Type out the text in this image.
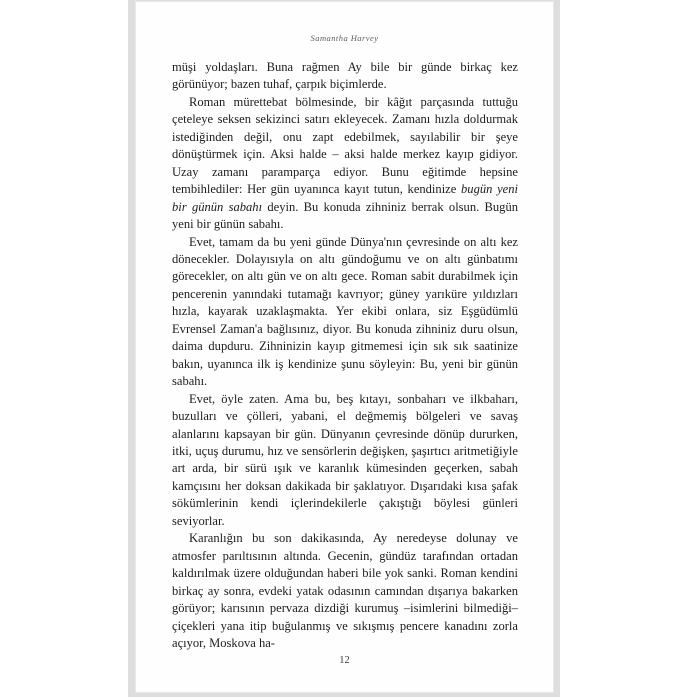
Samantha Harvey

müşi yoldaşları. Buna rağmen Ay bile bir günde birkaç kez görünüyor; bazen tuhaf, çarpık biçimlerde.

Roman mürettebat bölmesinde, bir kâğıt parçasında tuttuğu çeteleye seksen sekizinci satırı ekleyecek. Zamanı hızla doldurmak istediğinden değil, onu zapt edebilmek, sayılabilir bir şeye dönüştürmek için. Aksi halde – aksi halde merkez kayıp gidiyor. Uzay zamanı paramparça ediyor. Bunu eğitimde hepsine tembihlediler: Her gün uyanınca kayıt tutun, kendinize bugün yeni bir günün sabahı deyin. Bu konuda zihniniz berrak olsun. Bugün yeni bir günün sabahı.

Evet, tamam da bu yeni günde Dünya'nın çevresinde on altı kez dönecekler. Dolayısıyla on altı gündoğumu ve on altı günbatımı görecekler, on altı gün ve on altı gece. Roman sabit durabilmek için pencerenin yanındaki tutamağı kavrıyor; güney yarıküre yıldızları hızla, kayarak uzaklaşmakta. Yer ekibi onlara, siz Eşgüdümlü Evrensel Zaman'a bağlısınız, diyor. Bu konuda zihniniz duru olsun, daima dupduru. Zihninizin kayıp gitmemesi için sık sık saatinize bakın, uyanınca ilk iş kendinize şunu söyleyin: Bu, yeni bir günün sabahı.

Evet, öyle zaten. Ama bu, beş kıtayı, sonbaharı ve ilkbaharı, buzulları ve çölleri, yabani, el değmemiş bölgeleri ve savaş alanlarını kapsayan bir gün. Dünyanın çevresinde dönüp dururken, itki, uçuş durumu, hız ve sensörlerin değişken, şaşırtıcı aritmetiğiyle art arda, bir sürü ışık ve karanlık kümesinden geçerken, sabah kamçısını her doksan dakikada bir şaklatıyor. Dışarıdaki kısa şafak sökümlerinin kendi içlerindekilerle çakıştığı böylesi günleri seviyorlar.

Karanlığın bu son dakikasında, Ay neredeyse dolunay ve atmosfer parıltısının altında. Gecenin, gündüz tarafından ortadan kaldırılmak üzere olduğundan haberi bile yok sanki. Roman kendini birkaç ay sonra, evdeki yatak odasının camından dışarıya bakarken görüyor; karısının pervaza dizdiği kurumuş –isimlerini bilmediği– çiçekleri yana itip buğulanmış ve sıkışmış pencere kanadını zorla açıyor, Moskova ha-

12
